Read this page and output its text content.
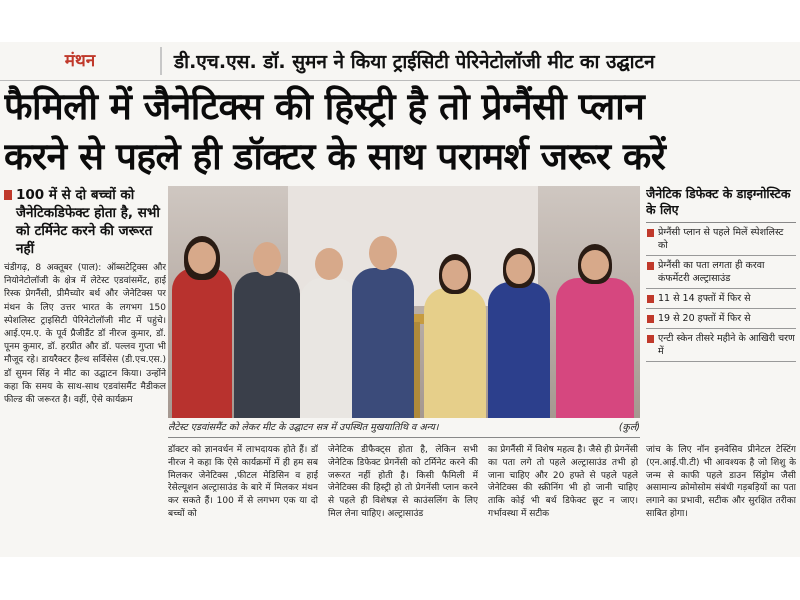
मंथन	डी.एच.एस. डॉ. सुमन ने किया ट्राईसिटी पेरिनेटोलॉजी मीट का उद्घाटन
फैमिली में जैनेटिक्स की हिस्ट्री है तो प्रेग्नैंसी प्लान
करने से पहले ही डॉक्टर के साथ परामर्श जरूर करें
100 में से दो बच्चों को जैनेटिकडिफेक्ट होता है, सभी को टर्मिनेट करने की जरूरत नहीं

चंडीगढ़, 8 अक्तूबर (पाल): ऑब्सटेट्रिक्स और नियोनेटोलॉजी के क्षेत्र में लेटेस्ट एडवांसमेंट, हाई रिस्क प्रेगनैंसी, प्रीमैच्योर बर्थ और जेनेटिक्स पर मंथन के लिए उत्तर भारत के लगभग 150 स्पेशलिस्ट ट्राइसिटी पेरिनेटोलॉजी मीट में पहुंचे। आई.एम.ए. के पूर्व प्रैजीडैंट डॉ नीरज कुमार, डॉ. पूनम कुमार, डॉ. हरप्रीत और डॉ. पल्लव गुप्ता भी मौजूद रहे। डायरैक्टर हैल्थ सर्विसेस (डी.एच.एस.) डॉ सुमन सिंह ने मीट का उद्घाटन किया। उन्होंने कहा कि समय के साथ-साथ एडवांसमैंट मैडीकल फील्ड की जरूरत है। वहीं, ऐसे कार्यक्रम

लैटेस्ट एडवांसमैंट को लेकर मीट के उद्घाटन सत्र में उपस्थित मुखयातिथि व अन्य।	(कुर्ल)

डॉक्टर को ज्ञानवर्धन में लाभदायक होते हैं। डॉ नीरज ने कहा कि ऐसे कार्यक्रमों में ही हम सब मिलकर जेनेटिक्स ,फीटल मेडिसिन व हाई रेसेल्यूशन अल्ट्रासाउंड के बारे में मिलकर मंथन कर सकते हैं। 100 में से लगभग एक या दो बच्चों को

जेनेटिक डीफैक्ट्स होता है, लेकिन सभी जेनेटिक डिफेक्ट प्रेगनेंसी को टर्मिनेट करने की जरूरत नहीं होती है। किसी फैमिली में जेनेटिक्स की हिस्ट्री हो तो प्रेगनेंसी प्लान करने से पहले ही विशेषज्ञ से काउंसलिंग के लिए मिल लेना चाहिए। अल्ट्रासाउंड

का प्रेगनैंसी में विशेष महत्व है। जैसे ही प्रेगनेंसी का पता लगे तो पहले अल्ट्रासाउंड तभी हो जाना चाहिए और 20 हफ्ते से पहले पहले जेनेटिक्स की स्क्रीनिंग भी हो जानी चाहिए ताकि कोई भी बर्थ डिफेक्ट छूट न जाए। गर्भावस्था में सटीक

जैनेटिक डिफेक्ट के डाइग्नोस्टिक के लिए
प्रेग्नैंसी प्लान से पहले मिलें स्पेशलिस्ट को
प्रेग्नैंसी का पता लगता ही करवा कंफर्मेटरी अल्ट्रासाउंड
11 से 14 हफ्तों में फिर से
19 से 20 हफ्तों में फिर से
एन्टी स्केन तीसरे महीने के आखिरी चरण में

जांच के लिए नॉन इनवेसिव प्रीनेटल टेस्टिंग (एन.आई.पी.टी) भी आवश्यक है जो शिशु के जन्म से काफी पहले डाउन सिंड्रोम जैसी असामान्य क्रोमोसोम संबंधी गड़बड़ियों का पता लगाने का प्रभावी, सटीक और सुरक्षित तरीका साबित होगा।
